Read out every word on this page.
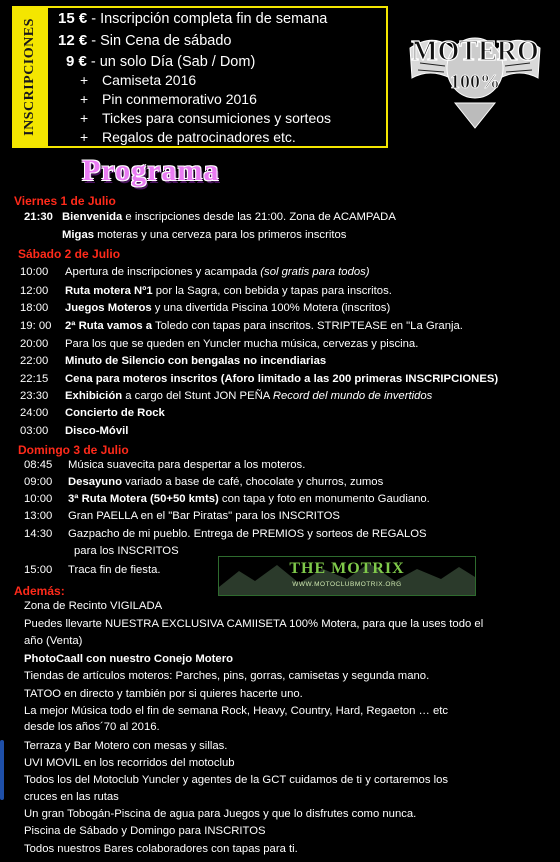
INSCRIPCIONES 15 € - Inscripción completa fin de semana
12 € - Sin Cena de sábado
9 € - un solo Día (Sab / Dom)
+ Camiseta 2016
+ Pin conmemorativo 2016
+ Tickes para consumiciones y sorteos
+ Regalos de patrocinadores etc.
MOTERO
100%
Programa
Viernes 1 de Julio
21:30 Bienvenida e inscripciones desde las 21:00. Zona de ACAMPADA
Migas moteras y una cerveza para los primeros inscritos
Sábado 2 de Julio
10:00 Apertura de inscripciones y acampada (sol gratis para todos)
12:00 Ruta motera Nº1 por la Sagra, con bebida y tapas para inscritos.
18:00 Juegos Moteros y una divertida Piscina 100% Motera (inscritos)
19: 00 2ª Ruta vamos a Toledo con tapas para inscritos. STRIPTEASE en "La Granja.
20:00 Para los que se queden en Yuncler mucha música, cervezas y piscina.
22:00 Minuto de Silencio con bengalas no incendiarias
22:15 Cena para moteros inscritos (Aforo limitado a las 200 primeras INSCRIPCIONES)
23:30 Exhibición a cargo del Stunt JON PEÑA Record del mundo de invertidos
24:00 Concierto de Rock
03:00 Disco-Móvil
Domingo 3 de Julio
08:45 Música suavecita para despertar a los moteros.
09:00 Desayuno variado a base de café, chocolate y churros, zumos
10:00 3ª Ruta Motera (50+50 kmts) con tapa y foto en monumento Gaudiano.
13:00 Gran PAELLA en el "Bar Piratas" para los INSCRITOS
14:30 Gazpacho de mi pueblo. Entrega de PREMIOS y sorteos de REGALOS
para los INSCRITOS
15:00 Traca fin de fiesta.	THE MOTRIX
WWW.MOTOCLUBMOTRIX.ORG
Además:
Zona de Recinto VIGILADA
Puedes llevarte NUESTRA EXCLUSIVA CAMIISETA 100% Motera, para que la uses todo el
año (Venta)
PhotoCaall con nuestro Conejo Motero
Tiendas de artículos moteros: Parches, pins, gorras, camisetas y segunda mano.
TATOO en directo y también por si quieres hacerte uno.
La mejor Música todo el fin de semana Rock, Heavy, Country, Hard, Regaeton … etc
desde los años´70 al 2016.
Terraza y Bar Motero con mesas y sillas.
UVI MOVIL en los recorridos del motoclub
Todos los del Motoclub Yuncler y agentes de la GCT cuidamos de ti y cortaremos los
cruces en las rutas
Un gran Tobogán-Piscina de agua para Juegos y que lo disfrutes como nunca.
Piscina de Sábado y Domingo para INSCRITOS
Todos nuestros Bares colaboradores con tapas para ti.
